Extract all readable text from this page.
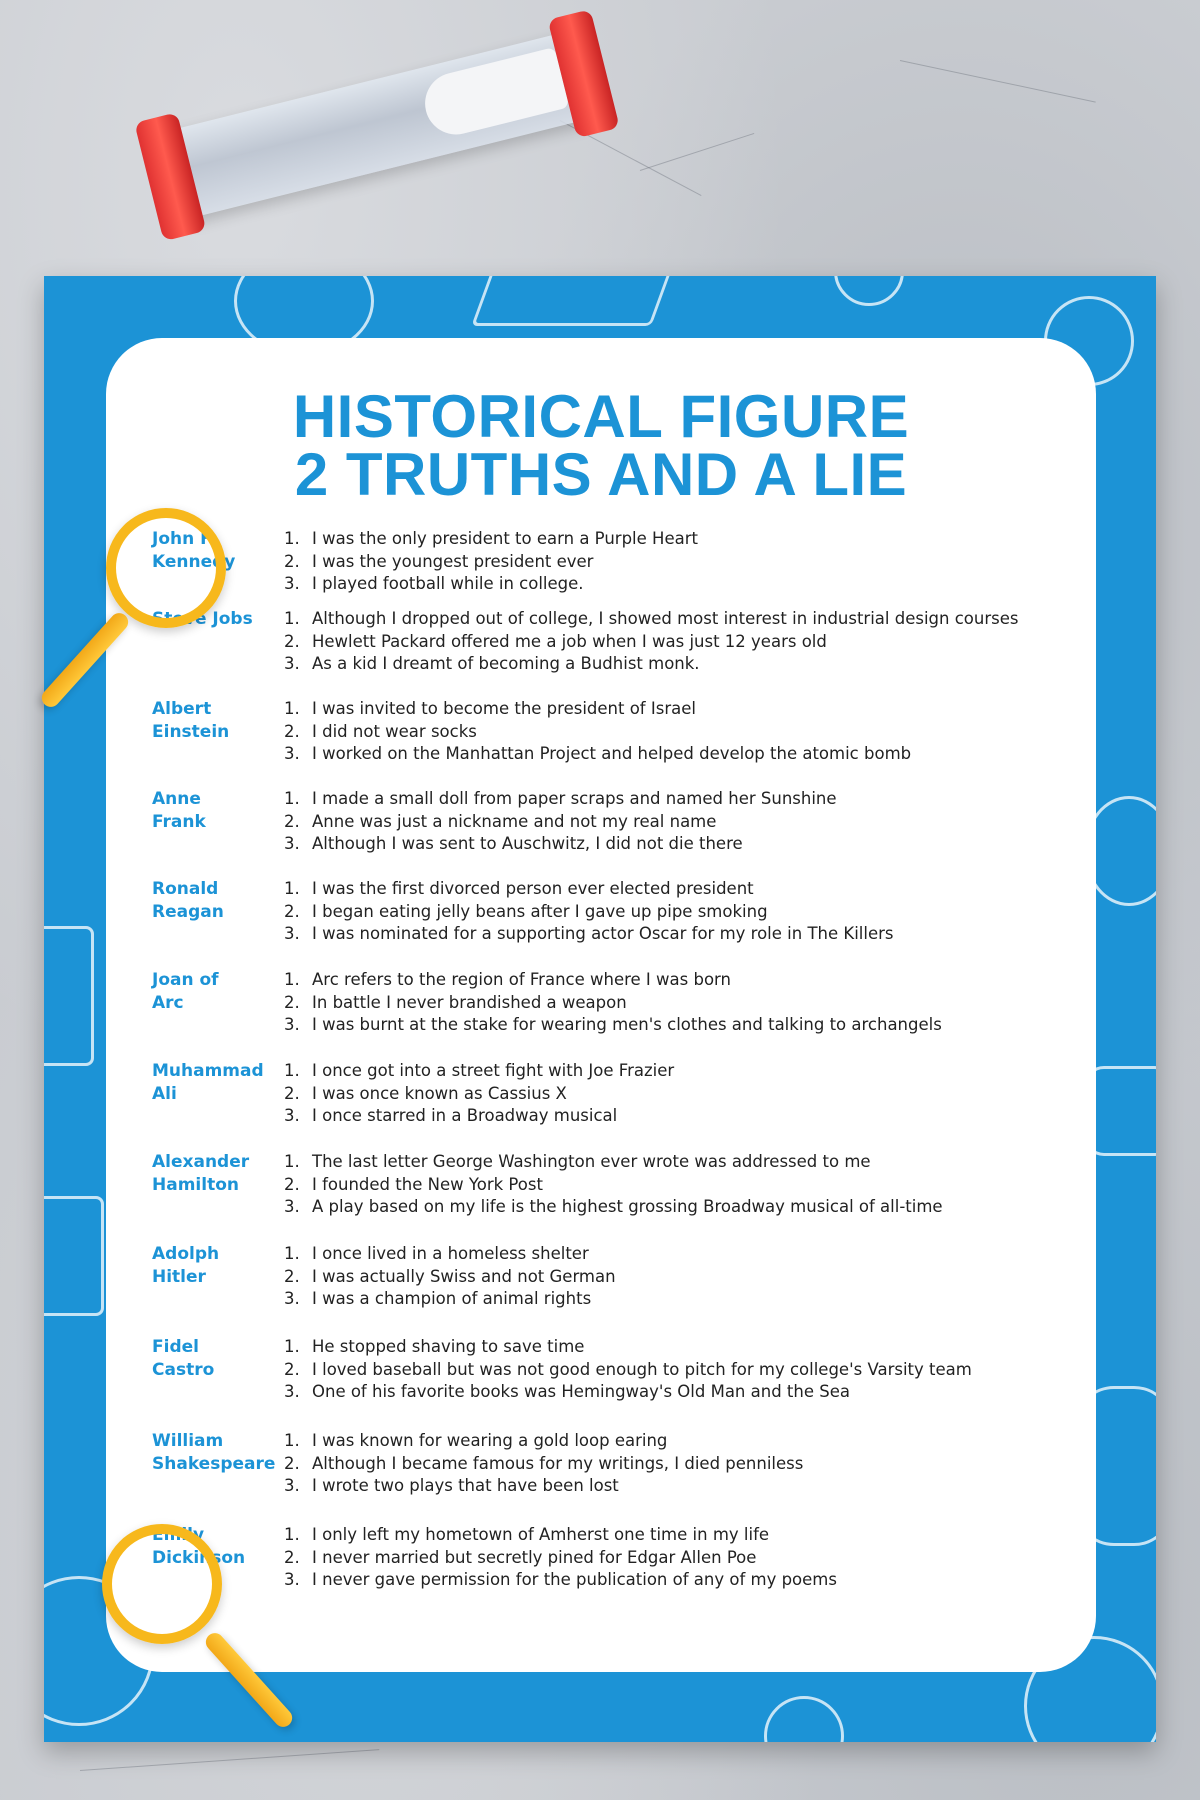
HISTORICAL FIGURE
2 TRUTHS AND A LIE
John F
Kennedy
1. I was the only president to earn a Purple Heart
2. I was the youngest president ever
3. I played football while in college.
Steve Jobs	1. Although I dropped out of college, I showed most interest in industrial design courses
2. Hewlett Packard offered me a job when I was just 12 years old
3. As a kid I dreamt of becoming a Budhist monk.
Albert
Einstein
1. I was invited to become the president of Israel
2. I did not wear socks
3. I worked on the Manhattan Project and helped develop the atomic bomb
Anne
Frank
1. I made a small doll from paper scraps and named her Sunshine
2. Anne was just a nickname and not my real name
3. Although I was sent to Auschwitz, I did not die there
Ronald
Reagan
1. I was the first divorced person ever elected president
2. I began eating jelly beans after I gave up pipe smoking
3. I was nominated for a supporting actor Oscar for my role in The Killers
Joan of
Arc
1. Arc refers to the region of France where I was born
2. In battle I never brandished a weapon
3. I was burnt at the stake for wearing men's clothes and talking to archangels
Muhammad
Ali
1. I once got into a street fight with Joe Frazier
2. I was once known as Cassius X
3. I once starred in a Broadway musical
Alexander
Hamilton
1. The last letter George Washington ever wrote was addressed to me
2. I founded the New York Post
3. A play based on my life is the highest grossing Broadway musical of all-time
Adolph
Hitler
1. I once lived in a homeless shelter
2. I was actually Swiss and not German
3. I was a champion of animal rights
Fidel
Castro
1. He stopped shaving to save time
2. I loved baseball but was not good enough to pitch for my college's Varsity team
3. One of his favorite books was Hemingway's Old Man and the Sea
William
Shakespeare
1. I was known for wearing a gold loop earing
2. Although I became famous for my writings, I died penniless
3. I wrote two plays that have been lost
Emily
Dickinson
1. I only left my hometown of Amherst one time in my life
2. I never married but secretly pined for Edgar Allen Poe
3. I never gave permission for the publication of any of my poems
